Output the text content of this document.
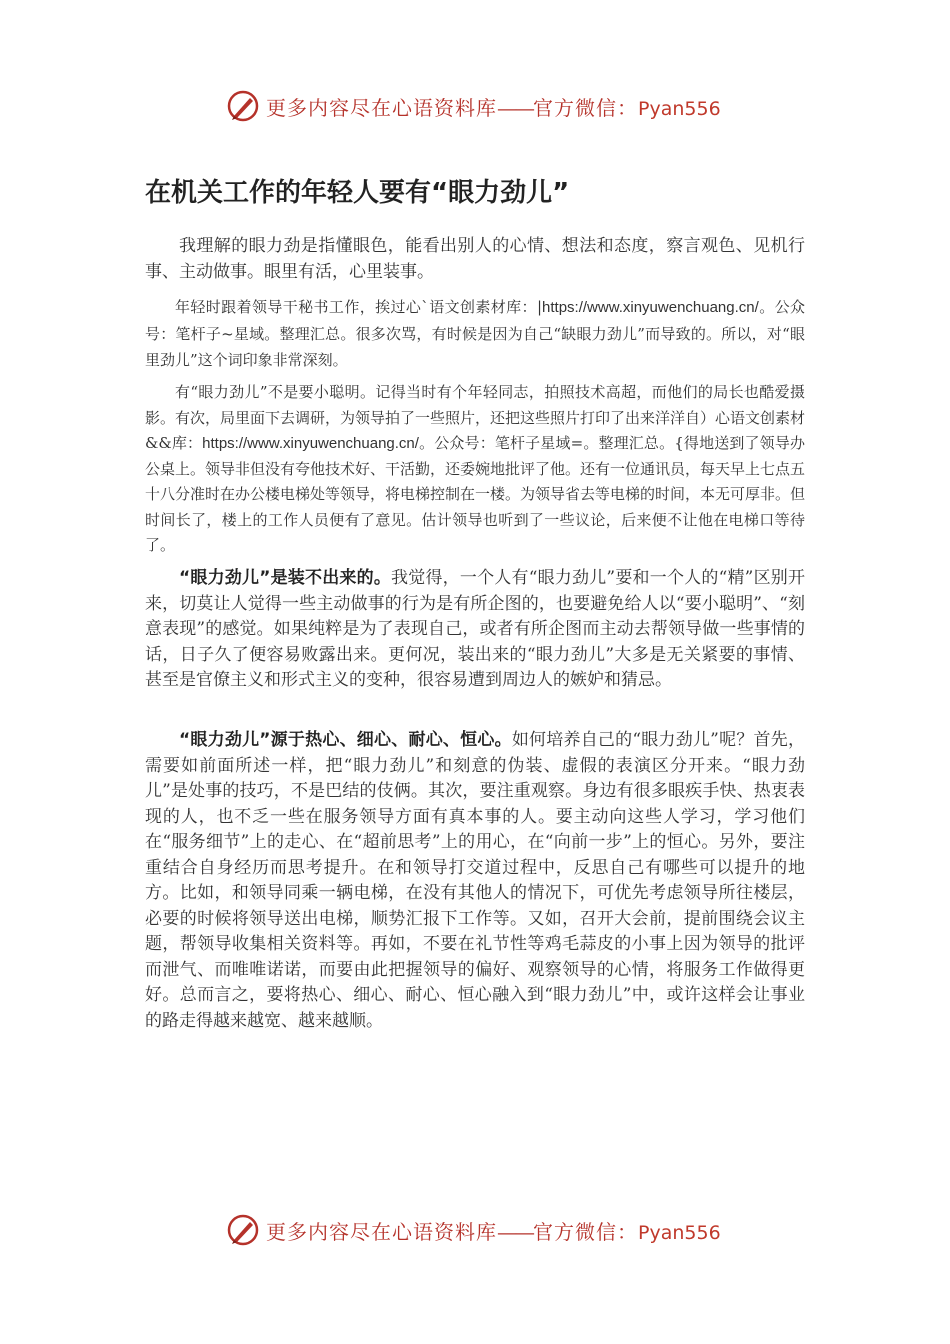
更多内容尽在心语资料库——官方微信：Pyan556
在机关工作的年轻人要有“眼力劲儿”

我理解的眼力劲是指懂眼色，能看出别人的心情、想法和态度，察言观色、见机行事、主动做事。眼里有活，心里装事。

年轻时跟着领导干秘书工作，挨过心`语文创素材库：|https://www.xinyuwenchuang.cn/。公众号：笔杆子~星域。整理汇总。很多次骂，有时候是因为自己“缺眼力劲儿”而导致的。所以，对“眼里劲儿”这个词印象非常深刻。

有“眼力劲儿”不是要小聪明。记得当时有个年轻同志，拍照技术高超，而他们的局长也酷爱摄影。有次，局里面下去调研，为领导拍了一些照片，还把这些照片打印了出来洋洋自）心语文创素材&&库：https://www.xinyuwenchuang.cn/。公众号：笔杆子星域=。整理汇总。{得地送到了领导办公桌上。领导非但没有夸他技术好、干活勤，还委婉地批评了他。还有一位通讯员，每天早上七点五十八分准时在办公楼电梯处等领导，将电梯控制在一楼。为领导省去等电梯的时间，本无可厚非。但时间长了，楼上的工作人员便有了意见。估计领导也听到了一些议论，后来便不让他在电梯口等待了。

“眼力劲儿”是装不出来的。我觉得，一个人有“眼力劲儿”要和一个人的“精”区别开来，切莫让人觉得一些主动做事的行为是有所企图的，也要避免给人以“要小聪明”、“刻意表现”的感觉。如果纯粹是为了表现自己，或者有所企图而主动去帮领导做一些事情的话，日子久了便容易败露出来。更何况，装出来的“眼力劲儿”大多是无关紧要的事情、甚至是官僚主义和形式主义的变种，很容易遭到周边人的嫉妒和猜忌。

“眼力劲儿”源于热心、细心、耐心、恒心。如何培养自己的“眼力劲儿”呢？首先，需要如前面所述一样，把“眼力劲儿”和刻意的伪装、虚假的表演区分开来。“眼力劲儿”是处事的技巧，不是巴结的伎俩。其次，要注重观察。身边有很多眼疾手快、热衷表现的人，也不乏一些在服务领导方面有真本事的人。要主动向这些人学习，学习他们在“服务细节”上的走心、在“超前思考”上的用心，在“向前一步”上的恒心。另外，要注重结合自身经历而思考提升。在和领导打交道过程中，反思自己有哪些可以提升的地方。比如，和领导同乘一辆电梯，在没有其他人的情况下，可优先考虑领导所往楼层，必要的时候将领导送出电梯，顺势汇报下工作等。又如，召开大会前，提前围绕会议主题，帮领导收集相关资料等。再如，不要在礼节性等鸡毛蒜皮的小事上因为领导的批评而泄气、而唯唯诺诺，而要由此把握领导的偏好、观察领导的心情，将服务工作做得更好。总而言之，要将热心、细心、耐心、恒心融入到“眼力劲儿”中，或许这样会让事业的路走得越来越宽、越来越顺。

更多内容尽在心语资料库——官方微信：Pyan556
